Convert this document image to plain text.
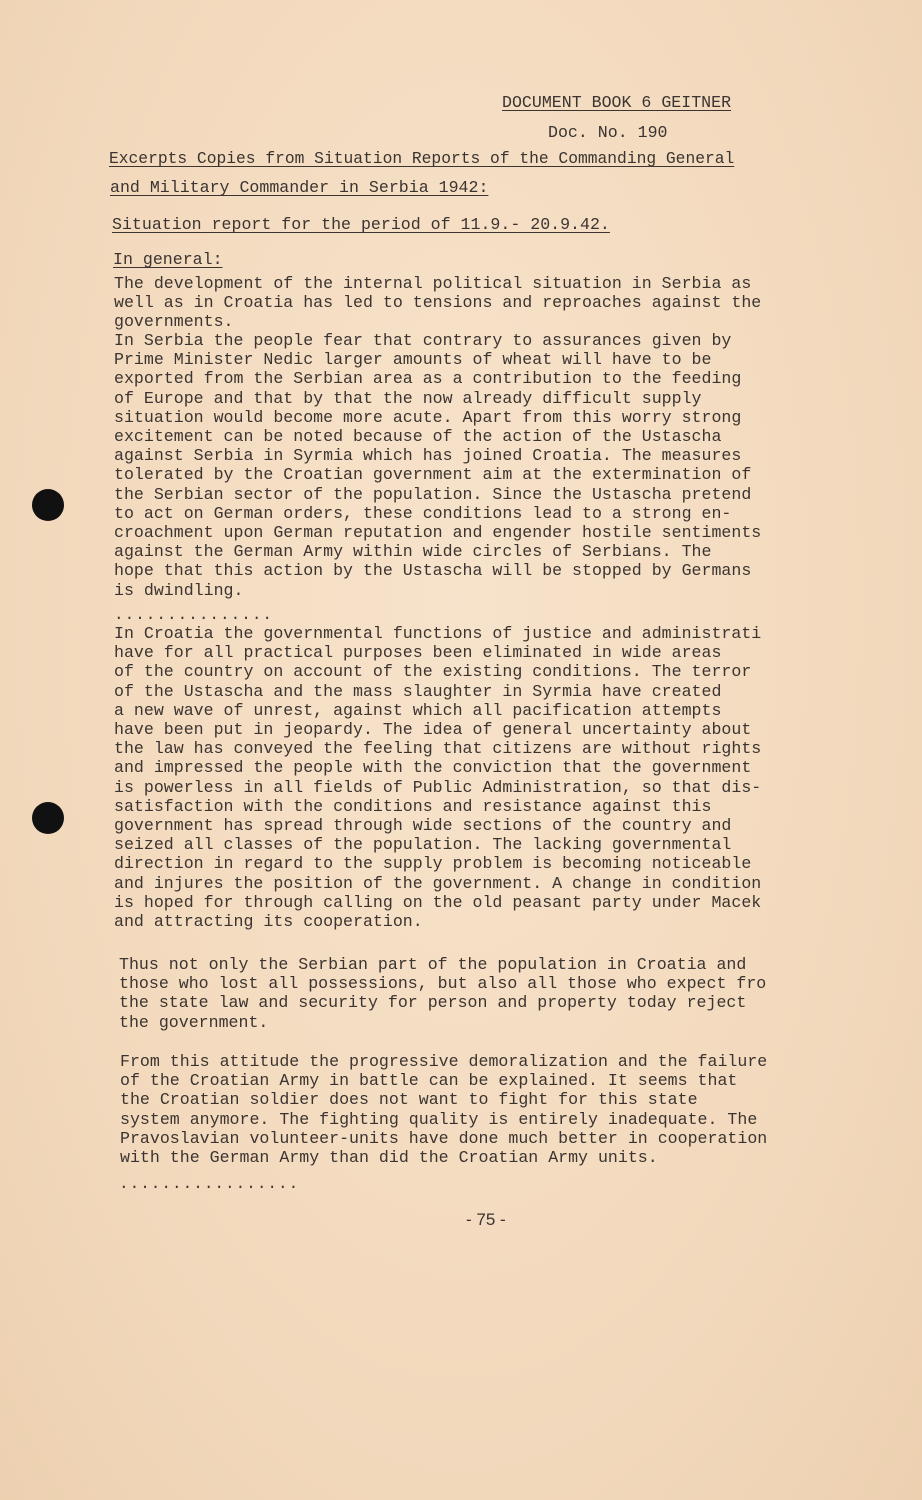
DOCUMENT BOOK 6 GEITNER
Doc. No. 190
Excerpts Copies from Situation Reports of the Commanding General
and Military Commander in Serbia 1942:
Situation report for the period of 11.9.- 20.9.42.
In general:
The development of the internal political situation in Serbia as
well as in Croatia has led to tensions and reproaches against the
governments.
In Serbia the people fear that contrary to assurances given by
Prime Minister Nedic larger amounts of wheat will have to be
exported from the Serbian area as a contribution to the feeding
of Europe and that by that the now already difficult supply
situation would become more acute. Apart from this worry strong
excitement can be noted because of the action of the Ustascha
against Serbia in Syrmia which has joined Croatia. The measures
tolerated by the Croatian government aim at the extermination of
the Serbian sector of the population. Since the Ustascha pretend
to act on German orders, these conditions lead to a strong en-
croachment upon German reputation and engender hostile sentiments
against the German Army within wide circles of Serbians. The
hope that this action by the Ustascha will be stopped by Germans
is dwindling.
...............
In Croatia the governmental functions of justice and administrati
have for all practical purposes been eliminated in wide areas
of the country on account of the existing conditions. The terror
of the Ustascha and the mass slaughter in Syrmia have created
a new wave of unrest, against which all pacification attempts
have been put in jeopardy. The idea of general uncertainty about
the law has conveyed the feeling that citizens are without rights
and impressed the people with the conviction that the government
is powerless in all fields of Public Administration, so that dis-
satisfaction with the conditions and resistance against this
government has spread through wide sections of the country and
seized all classes of the population. The lacking governmental
direction in regard to the supply problem is becoming noticeable
and injures the position of the government. A change in condition
is hoped for through calling on the old peasant party under Macek
and attracting its cooperation.
Thus not only the Serbian part of the population in Croatia and
those who lost all possessions, but also all those who expect fro
the state law and security for person and property today reject
the government.
From this attitude the progressive demoralization and the failure
of the Croatian Army in battle can be explained. It seems that
the Croatian soldier does not want to fight for this state
system anymore. The fighting quality is entirely inadequate. The
Pravoslavian volunteer-units have done much better in cooperation
with the German Army than did the Croatian Army units.
.................
- 75 -
